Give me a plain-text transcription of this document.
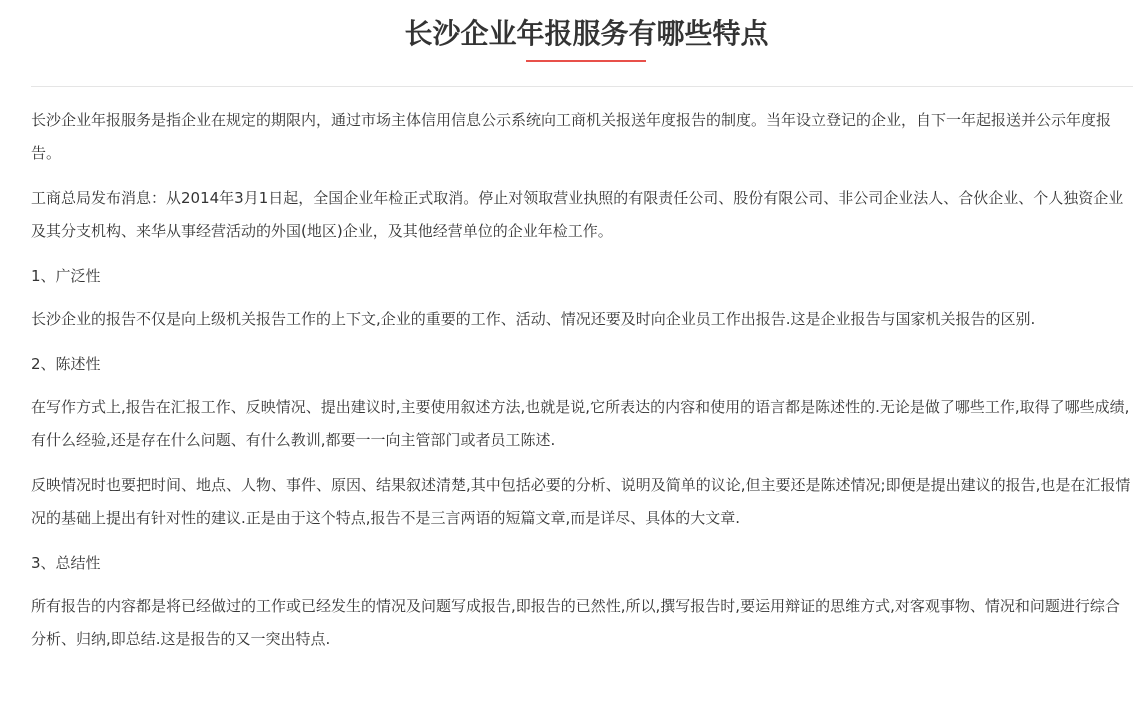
长沙企业年报服务有哪些特点

长沙企业年报服务是指企业在规定的期限内，通过市场主体信用信息公示系统向工商机关报送年度报告的制度。当年设立登记的企业，自下一年起报送并公示年度报告。

工商总局发布消息：从2014年3月1日起，全国企业年检正式取消。停止对领取营业执照的有限责任公司、股份有限公司、非公司企业法人、合伙企业、个人独资企业及其分支机构、来华从事经营活动的外国(地区)企业，及其他经营单位的企业年检工作。

1、广泛性

长沙企业的报告不仅是向上级机关报告工作的上下文,企业的重要的工作、活动、情况还要及时向企业员工作出报告.这是企业报告与国家机关报告的区别.

2、陈述性

在写作方式上,报告在汇报工作、反映情况、提出建议时,主要使用叙述方法,也就是说,它所表达的内容和使用的语言都是陈述性的.无论是做了哪些工作,取得了哪些成绩,有什么经验,还是存在什么问题、有什么教训,都要一一向主管部门或者员工陈述.

反映情况时也要把时间、地点、人物、事件、原因、结果叙述清楚,其中包括必要的分析、说明及简单的议论,但主要还是陈述情况;即便是提出建议的报告,也是在汇报情况的基础上提出有针对性的建议.正是由于这个特点,报告不是三言两语的短篇文章,而是详尽、具体的大文章.

3、总结性

所有报告的内容都是将已经做过的工作或已经发生的情况及问题写成报告,即报告的已然性,所以,撰写报告时,要运用辩证的思维方式,对客观事物、情况和问题进行综合分析、归纳,即总结.这是报告的又一突出特点.
